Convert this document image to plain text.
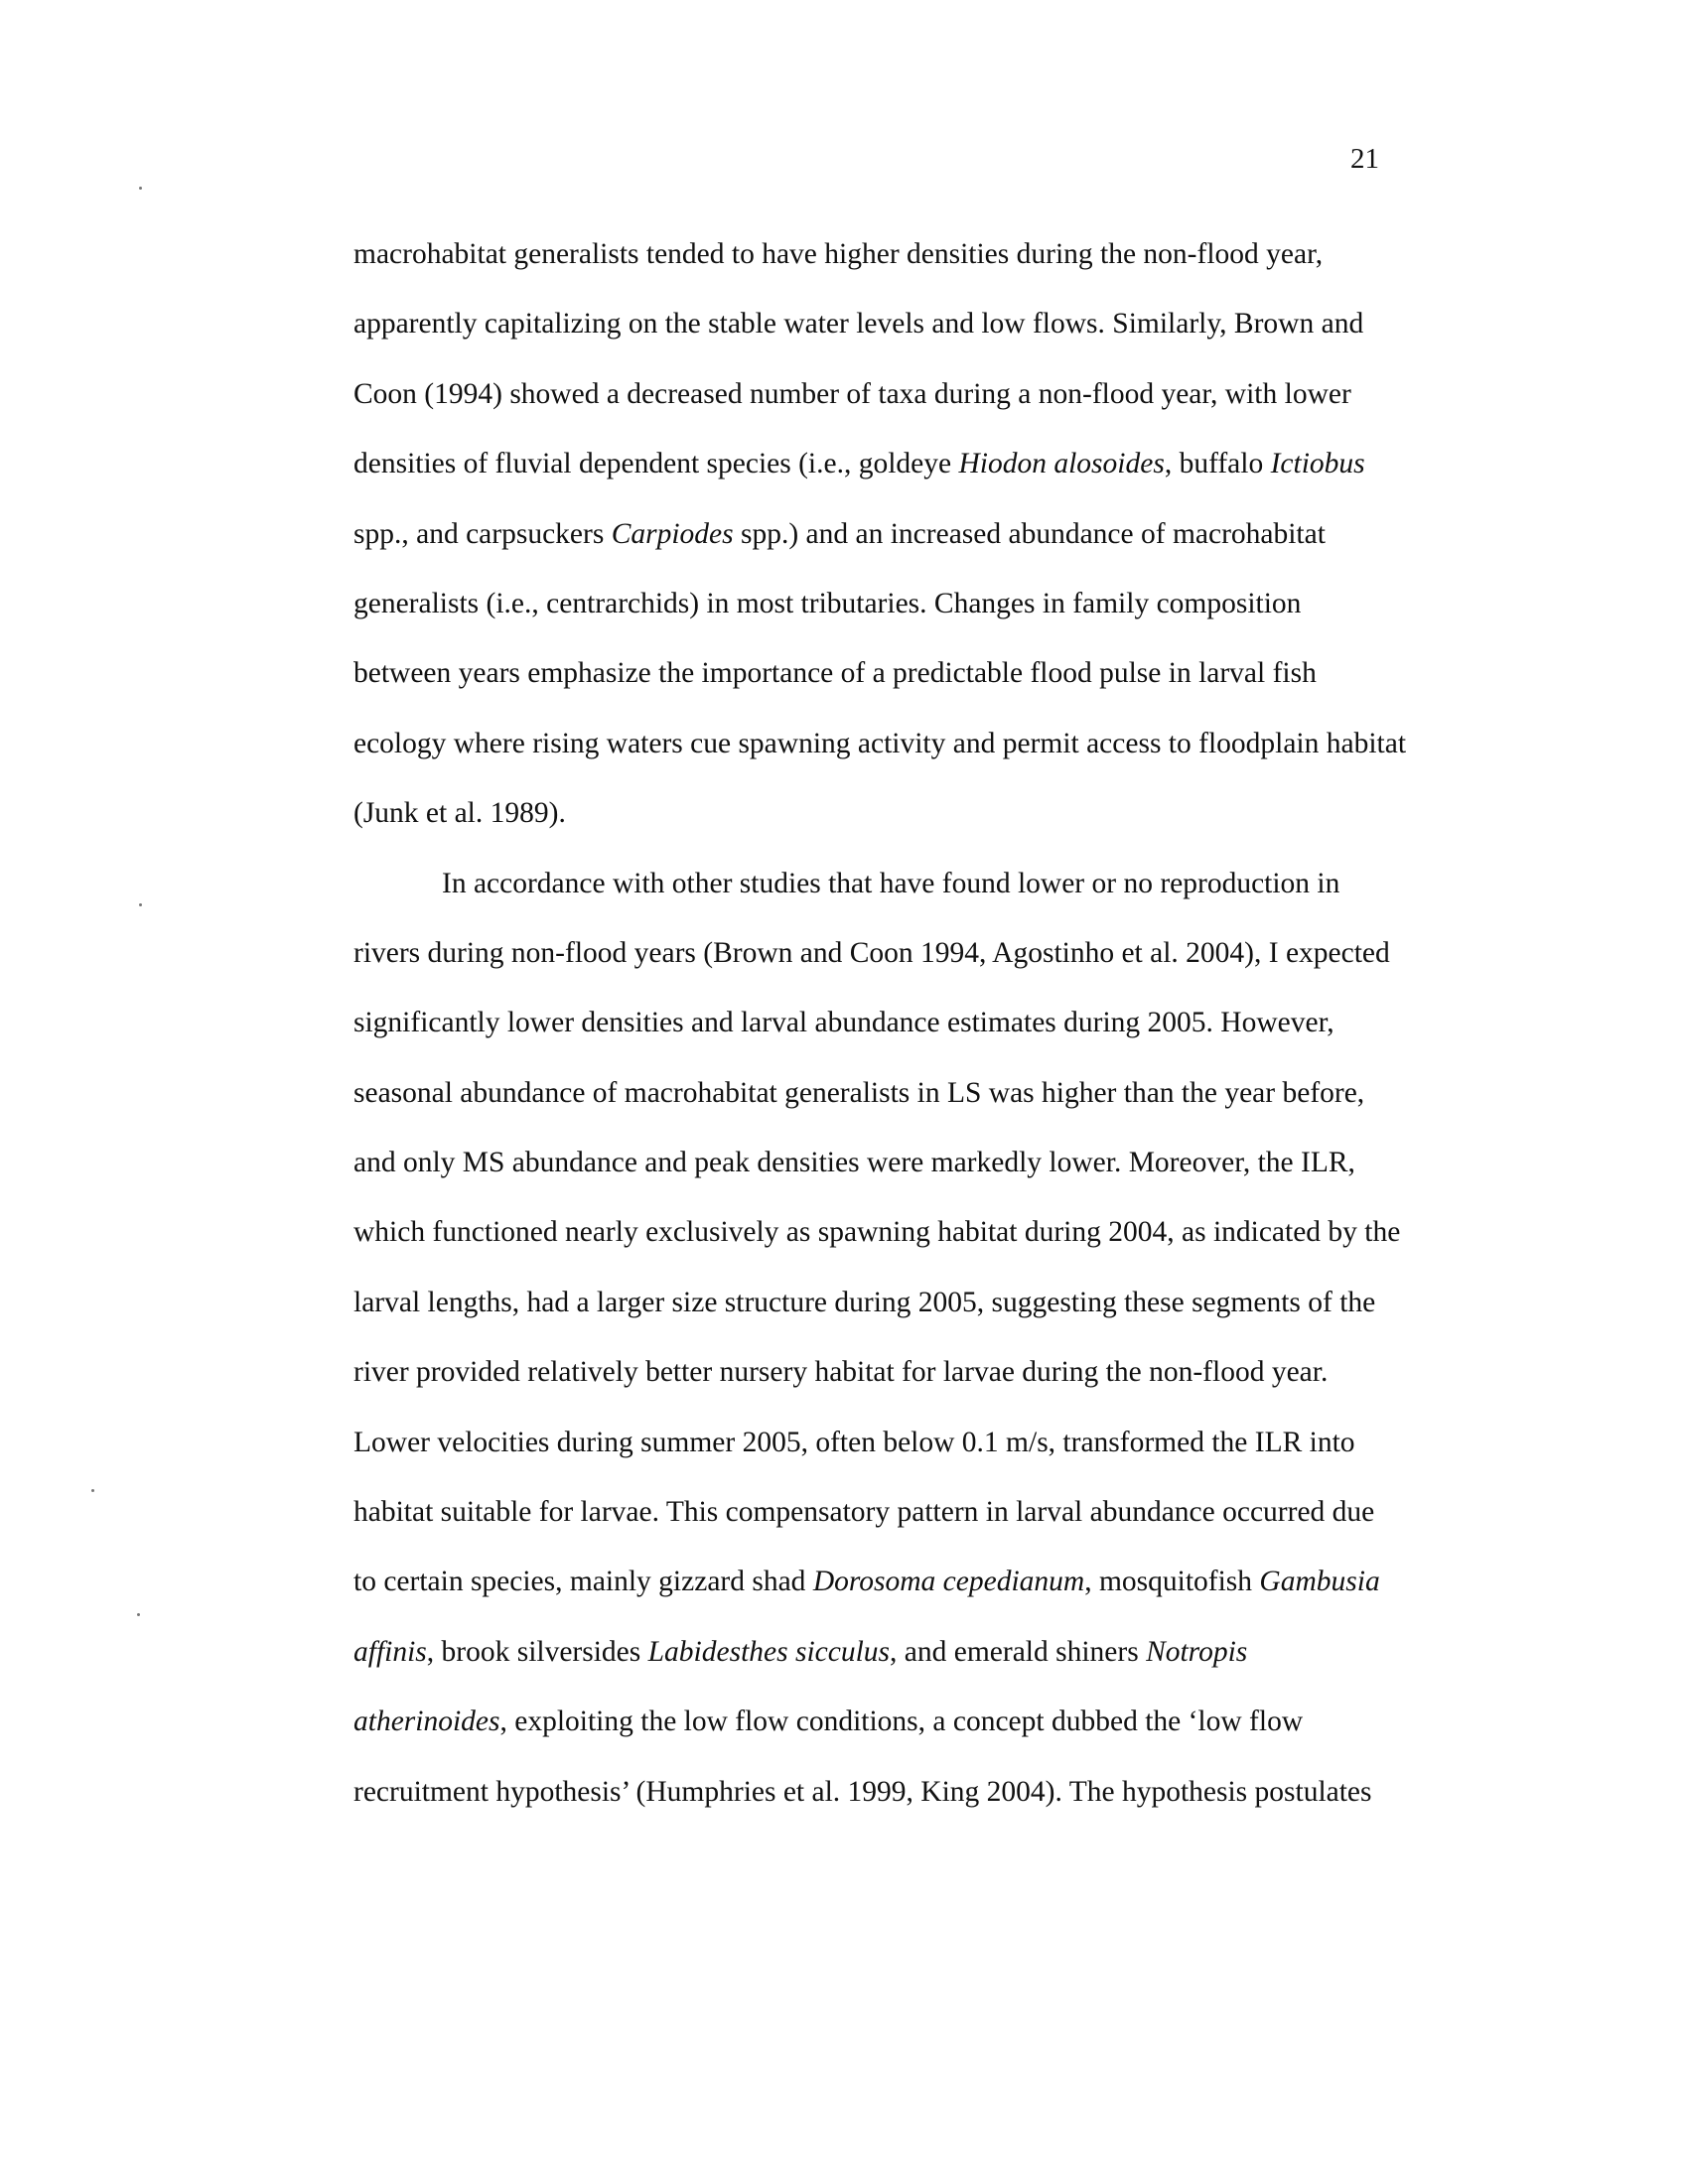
21
macrohabitat generalists tended to have higher densities during the non-flood year,
apparently capitalizing on the stable water levels and low flows. Similarly, Brown and
Coon (1994) showed a decreased number of taxa during a non-flood year, with lower
densities of fluvial dependent species (i.e., goldeye Hiodon alosoides, buffalo Ictiobus
spp., and carpsuckers Carpiodes spp.) and an increased abundance of macrohabitat
generalists (i.e., centrarchids) in most tributaries. Changes in family composition
between years emphasize the importance of a predictable flood pulse in larval fish
ecology where rising waters cue spawning activity and permit access to floodplain habitat
(Junk et al. 1989).
In accordance with other studies that have found lower or no reproduction in
rivers during non-flood years (Brown and Coon 1994, Agostinho et al. 2004), I expected
significantly lower densities and larval abundance estimates during 2005. However,
seasonal abundance of macrohabitat generalists in LS was higher than the year before,
and only MS abundance and peak densities were markedly lower. Moreover, the ILR,
which functioned nearly exclusively as spawning habitat during 2004, as indicated by the
larval lengths, had a larger size structure during 2005, suggesting these segments of the
river provided relatively better nursery habitat for larvae during the non-flood year.
Lower velocities during summer 2005, often below 0.1 m/s, transformed the ILR into
habitat suitable for larvae. This compensatory pattern in larval abundance occurred due
to certain species, mainly gizzard shad Dorosoma cepedianum, mosquitofish Gambusia
affinis, brook silversides Labidesthes sicculus, and emerald shiners Notropis
atherinoides, exploiting the low flow conditions, a concept dubbed the ‘low flow
recruitment hypothesis’ (Humphries et al. 1999, King 2004). The hypothesis postulates
